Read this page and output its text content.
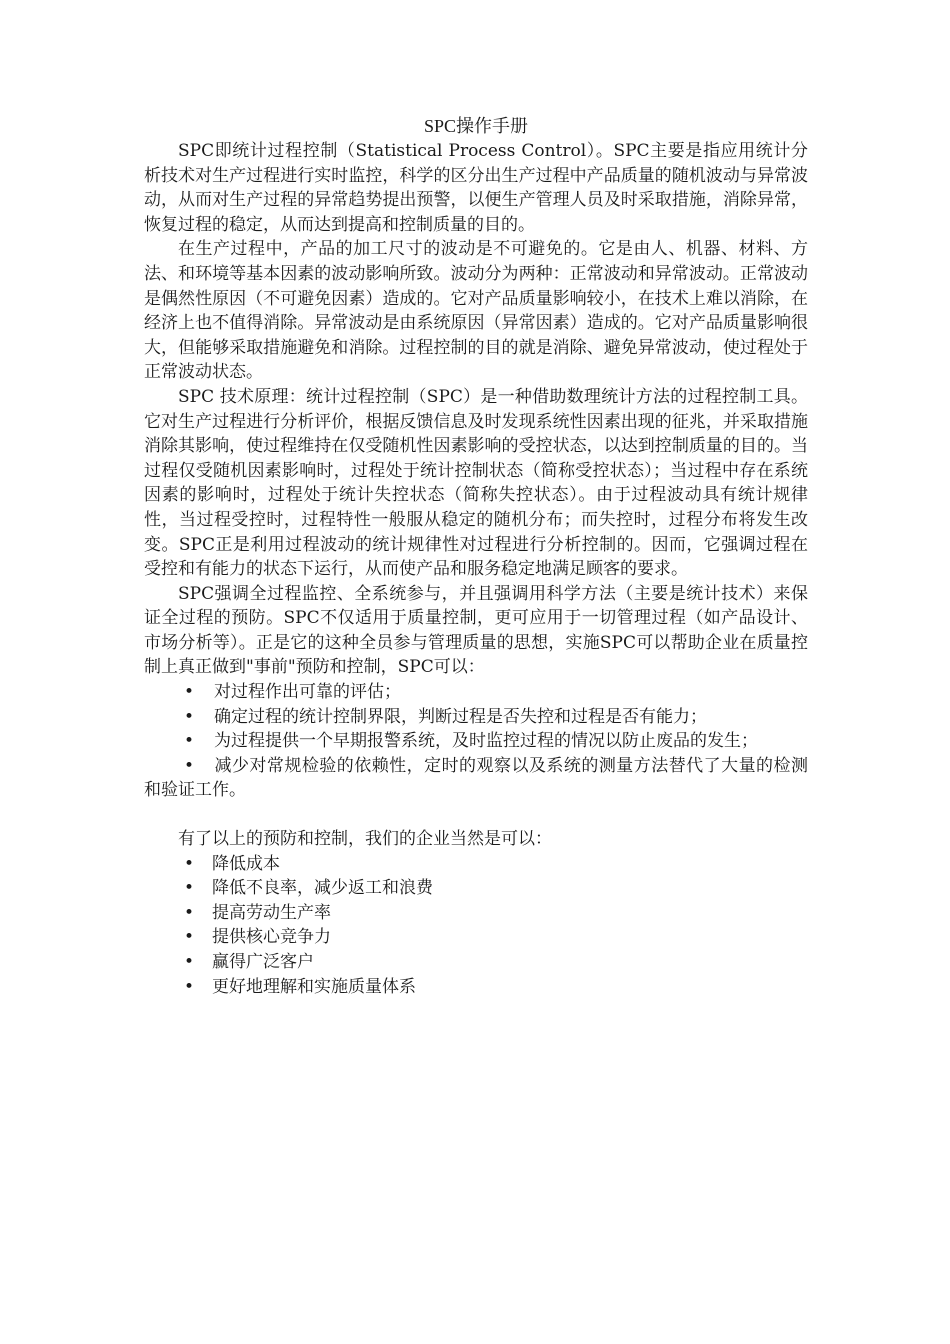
SPC操作手册

SPC即统计过程控制（Statistical Process Control）。SPC主要是指应用统计分析技术对生产过程进行实时监控，科学的区分出生产过程中产品质量的随机波动与异常波动，从而对生产过程的异常趋势提出预警，以便生产管理人员及时采取措施，消除异常，恢复过程的稳定，从而达到提高和控制质量的目的。

在生产过程中，产品的加工尺寸的波动是不可避免的。它是由人、机器、材料、方法、和环境等基本因素的波动影响所致。波动分为两种：正常波动和异常波动。正常波动是偶然性原因（不可避免因素）造成的。它对产品质量影响较小，在技术上难以消除，在经济上也不值得消除。异常波动是由系统原因（异常因素）造成的。它对产品质量影响很大，但能够采取措施避免和消除。过程控制的目的就是消除、避免异常波动，使过程处于正常波动状态。

SPC 技术原理：统计过程控制（SPC）是一种借助数理统计方法的过程控制工具。它对生产过程进行分析评价，根据反馈信息及时发现系统性因素出现的征兆，并采取措施消除其影响，使过程维持在仅受随机性因素影响的受控状态，以达到控制质量的目的。当过程仅受随机因素影响时，过程处于统计控制状态（简称受控状态）；当过程中存在系统因素的影响时，过程处于统计失控状态（简称失控状态）。由于过程波动具有统计规律性，当过程受控时，过程特性一般服从稳定的随机分布；而失控时，过程分布将发生改变。SPC正是利用过程波动的统计规律性对过程进行分析控制的。因而，它强调过程在受控和有能力的状态下运行，从而使产品和服务稳定地满足顾客的要求。

SPC强调全过程监控、全系统参与，并且强调用科学方法（主要是统计技术）来保证全过程的预防。SPC不仅适用于质量控制，更可应用于一切管理过程（如产品设计、市场分析等）。正是它的这种全员参与管理质量的思想，实施SPC可以帮助企业在质量控制上真正做到"事前"预防和控制，SPC可以：

• 对过程作出可靠的评估；
• 确定过程的统计控制界限，判断过程是否失控和过程是否有能力；
• 为过程提供一个早期报警系统，及时监控过程的情况以防止废品的发生；
• 减少对常规检验的依赖性，定时的观察以及系统的测量方法替代了大量的检测和验证工作。

有了以上的预防和控制，我们的企业当然是可以：

• 降低成本
• 降低不良率，减少返工和浪费
• 提高劳动生产率
• 提供核心竞争力
• 赢得广泛客户
• 更好地理解和实施质量体系
